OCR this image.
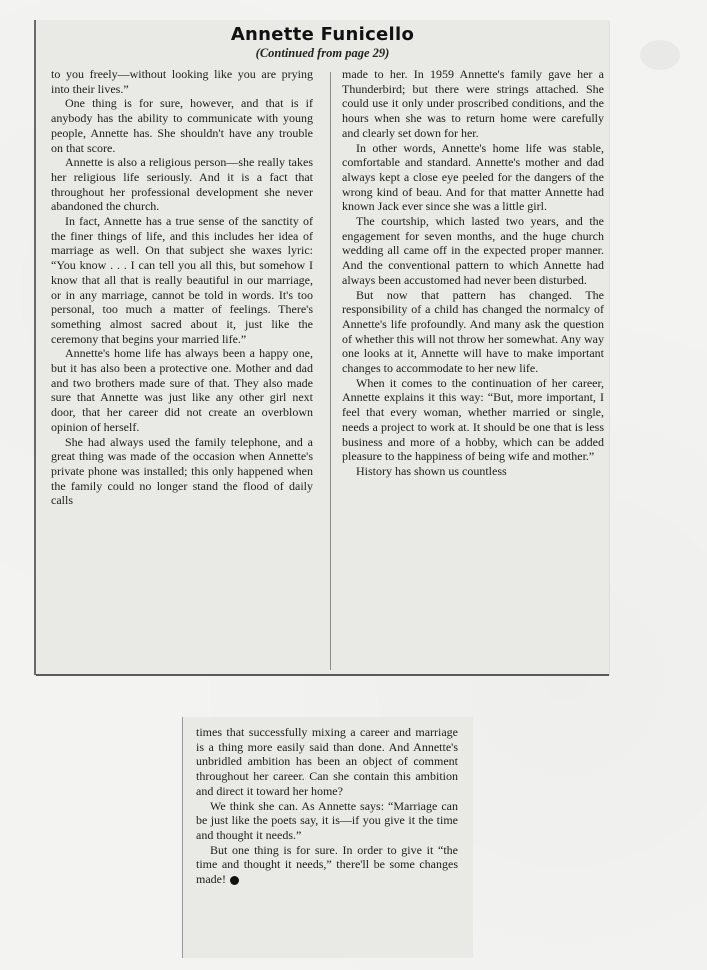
Annette Funicello
(Continued from page 29)

to you freely—without looking like you are prying into their lives.”

One thing is for sure, however, and that is if anybody has the ability to communicate with young people, Annette has. She shouldn't have any trouble on that score.

Annette is also a religious person—she really takes her religious life seriously. And it is a fact that throughout her professional development she never abandoned the church.

In fact, Annette has a true sense of the sanctity of the finer things of life, and this includes her idea of marriage as well. On that subject she waxes lyric: “You know . . . I can tell you all this, but somehow I know that all that is really beautiful in our marriage, or in any marriage, cannot be told in words. It's too personal, too much a matter of feelings. There's something almost sacred about it, just like the ceremony that begins your married life.”

Annette's home life has always been a happy one, but it has also been a protective one. Mother and dad and two brothers made sure of that. They also made sure that Annette was just like any other girl next door, that her career did not create an overblown opinion of herself.

She had always used the family telephone, and a great thing was made of the occasion when Annette's private phone was installed; this only happened when the family could no longer stand the flood of daily calls

made to her. In 1959 Annette's family gave her a Thunderbird; but there were strings attached. She could use it only under proscribed conditions, and the hours when she was to return home were carefully and clearly set down for her.

In other words, Annette's home life was stable, comfortable and standard. Annette's mother and dad always kept a close eye peeled for the dangers of the wrong kind of beau. And for that matter Annette had known Jack ever since she was a little girl.

The courtship, which lasted two years, and the engagement for seven months, and the huge church wedding all came off in the expected proper manner. And the conventional pattern to which Annette had always been accustomed had never been disturbed.

But now that pattern has changed. The responsibility of a child has changed the normalcy of Annette's life profoundly. And many ask the question of whether this will not throw her somewhat. Any way one looks at it, Annette will have to make important changes to accommodate to her new life.

When it comes to the continuation of her career, Annette explains it this way: “But, more important, I feel that every woman, whether married or single, needs a project to work at. It should be one that is less business and more of a hobby, which can be added pleasure to the happiness of being wife and mother.”

History has shown us countless

times that successfully mixing a career and marriage is a thing more easily said than done. And Annette's unbridled ambition has been an object of comment throughout her career. Can she contain this ambition and direct it toward her home?

We think she can. As Annette says: “Marriage can be just like the poets say, it is—if you give it the time and thought it needs.”

But one thing is for sure. In order to give it “the time and thought it needs,” there'll be some changes made!
